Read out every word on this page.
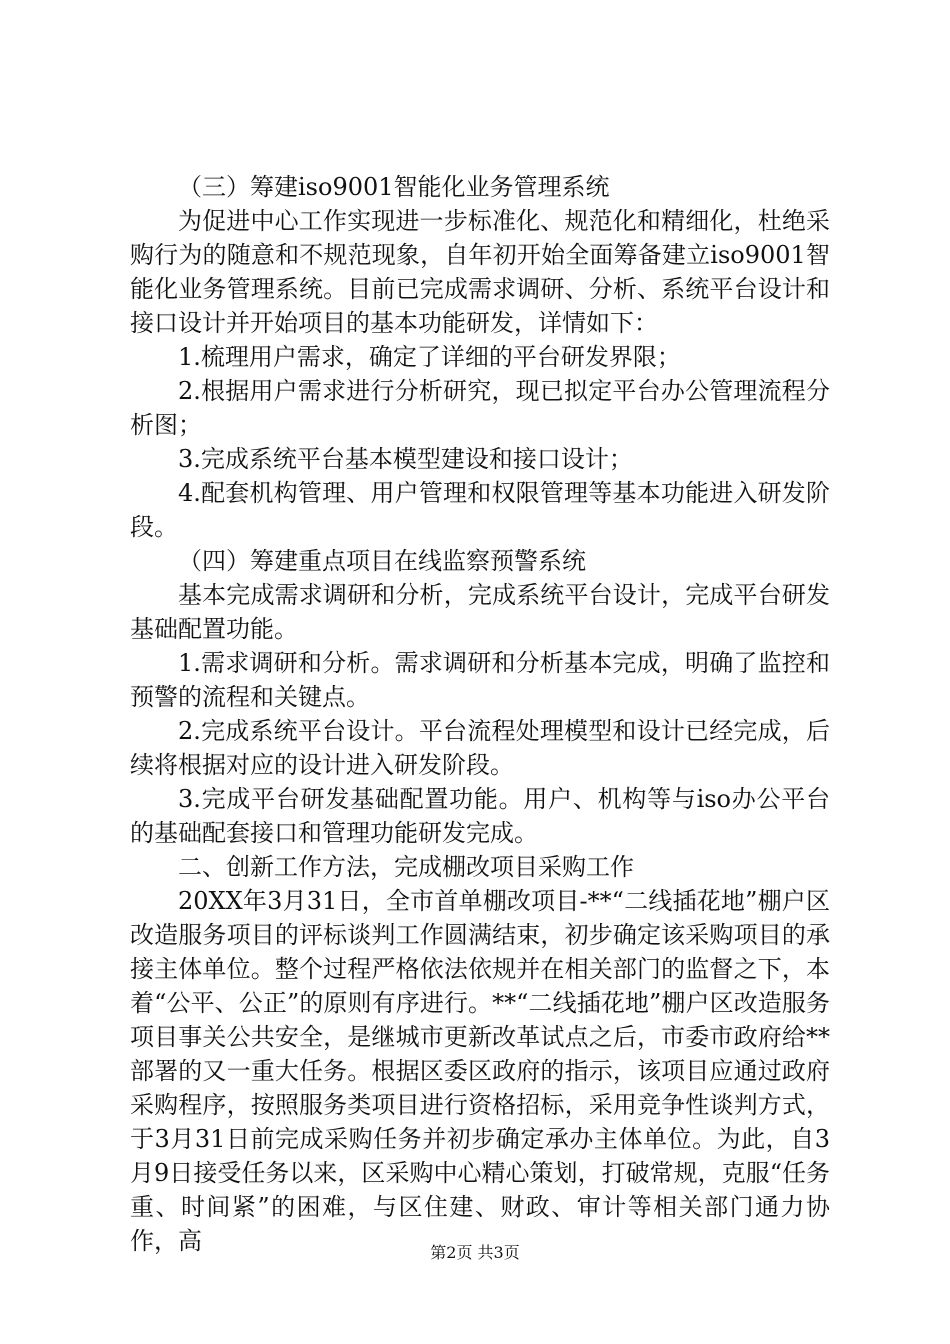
（三）筹建iso9001智能化业务管理系统

为促进中心工作实现进一步标准化、规范化和精细化，杜绝采购行为的随意和不规范现象，自年初开始全面筹备建立iso9001智能化业务管理系统。目前已完成需求调研、分析、系统平台设计和接口设计并开始项目的基本功能研发，详情如下：

1.梳理用户需求，确定了详细的平台研发界限；

2.根据用户需求进行分析研究，现已拟定平台办公管理流程分析图；

3.完成系统平台基本模型建设和接口设计；

4.配套机构管理、用户管理和权限管理等基本功能进入研发阶段。

（四）筹建重点项目在线监察预警系统

基本完成需求调研和分析，完成系统平台设计，完成平台研发基础配置功能。

1.需求调研和分析。需求调研和分析基本完成，明确了监控和预警的流程和关键点。

2.完成系统平台设计。平台流程处理模型和设计已经完成，后续将根据对应的设计进入研发阶段。

3.完成平台研发基础配置功能。用户、机构等与iso办公平台的基础配套接口和管理功能研发完成。

二、创新工作方法，完成棚改项目采购工作

20XX年3月31日，全市首单棚改项目-**“二线插花地”棚户区改造服务项目的评标谈判工作圆满结束，初步确定该采购项目的承接主体单位。整个过程严格依法依规并在相关部门的监督之下，本着“公平、公正”的原则有序进行。**“二线插花地”棚户区改造服务项目事关公共安全，是继城市更新改革试点之后，市委市政府给**部署的又一重大任务。根据区委区政府的指示，该项目应通过政府采购程序，按照服务类项目进行资格招标，采用竞争性谈判方式，于3月31日前完成采购任务并初步确定承办主体单位。为此，自3月9日接受任务以来，区采购中心精心策划，打破常规，克服“任务重、时间紧”的困难，与区住建、财政、审计等相关部门通力协作，高	第2页 共3页
